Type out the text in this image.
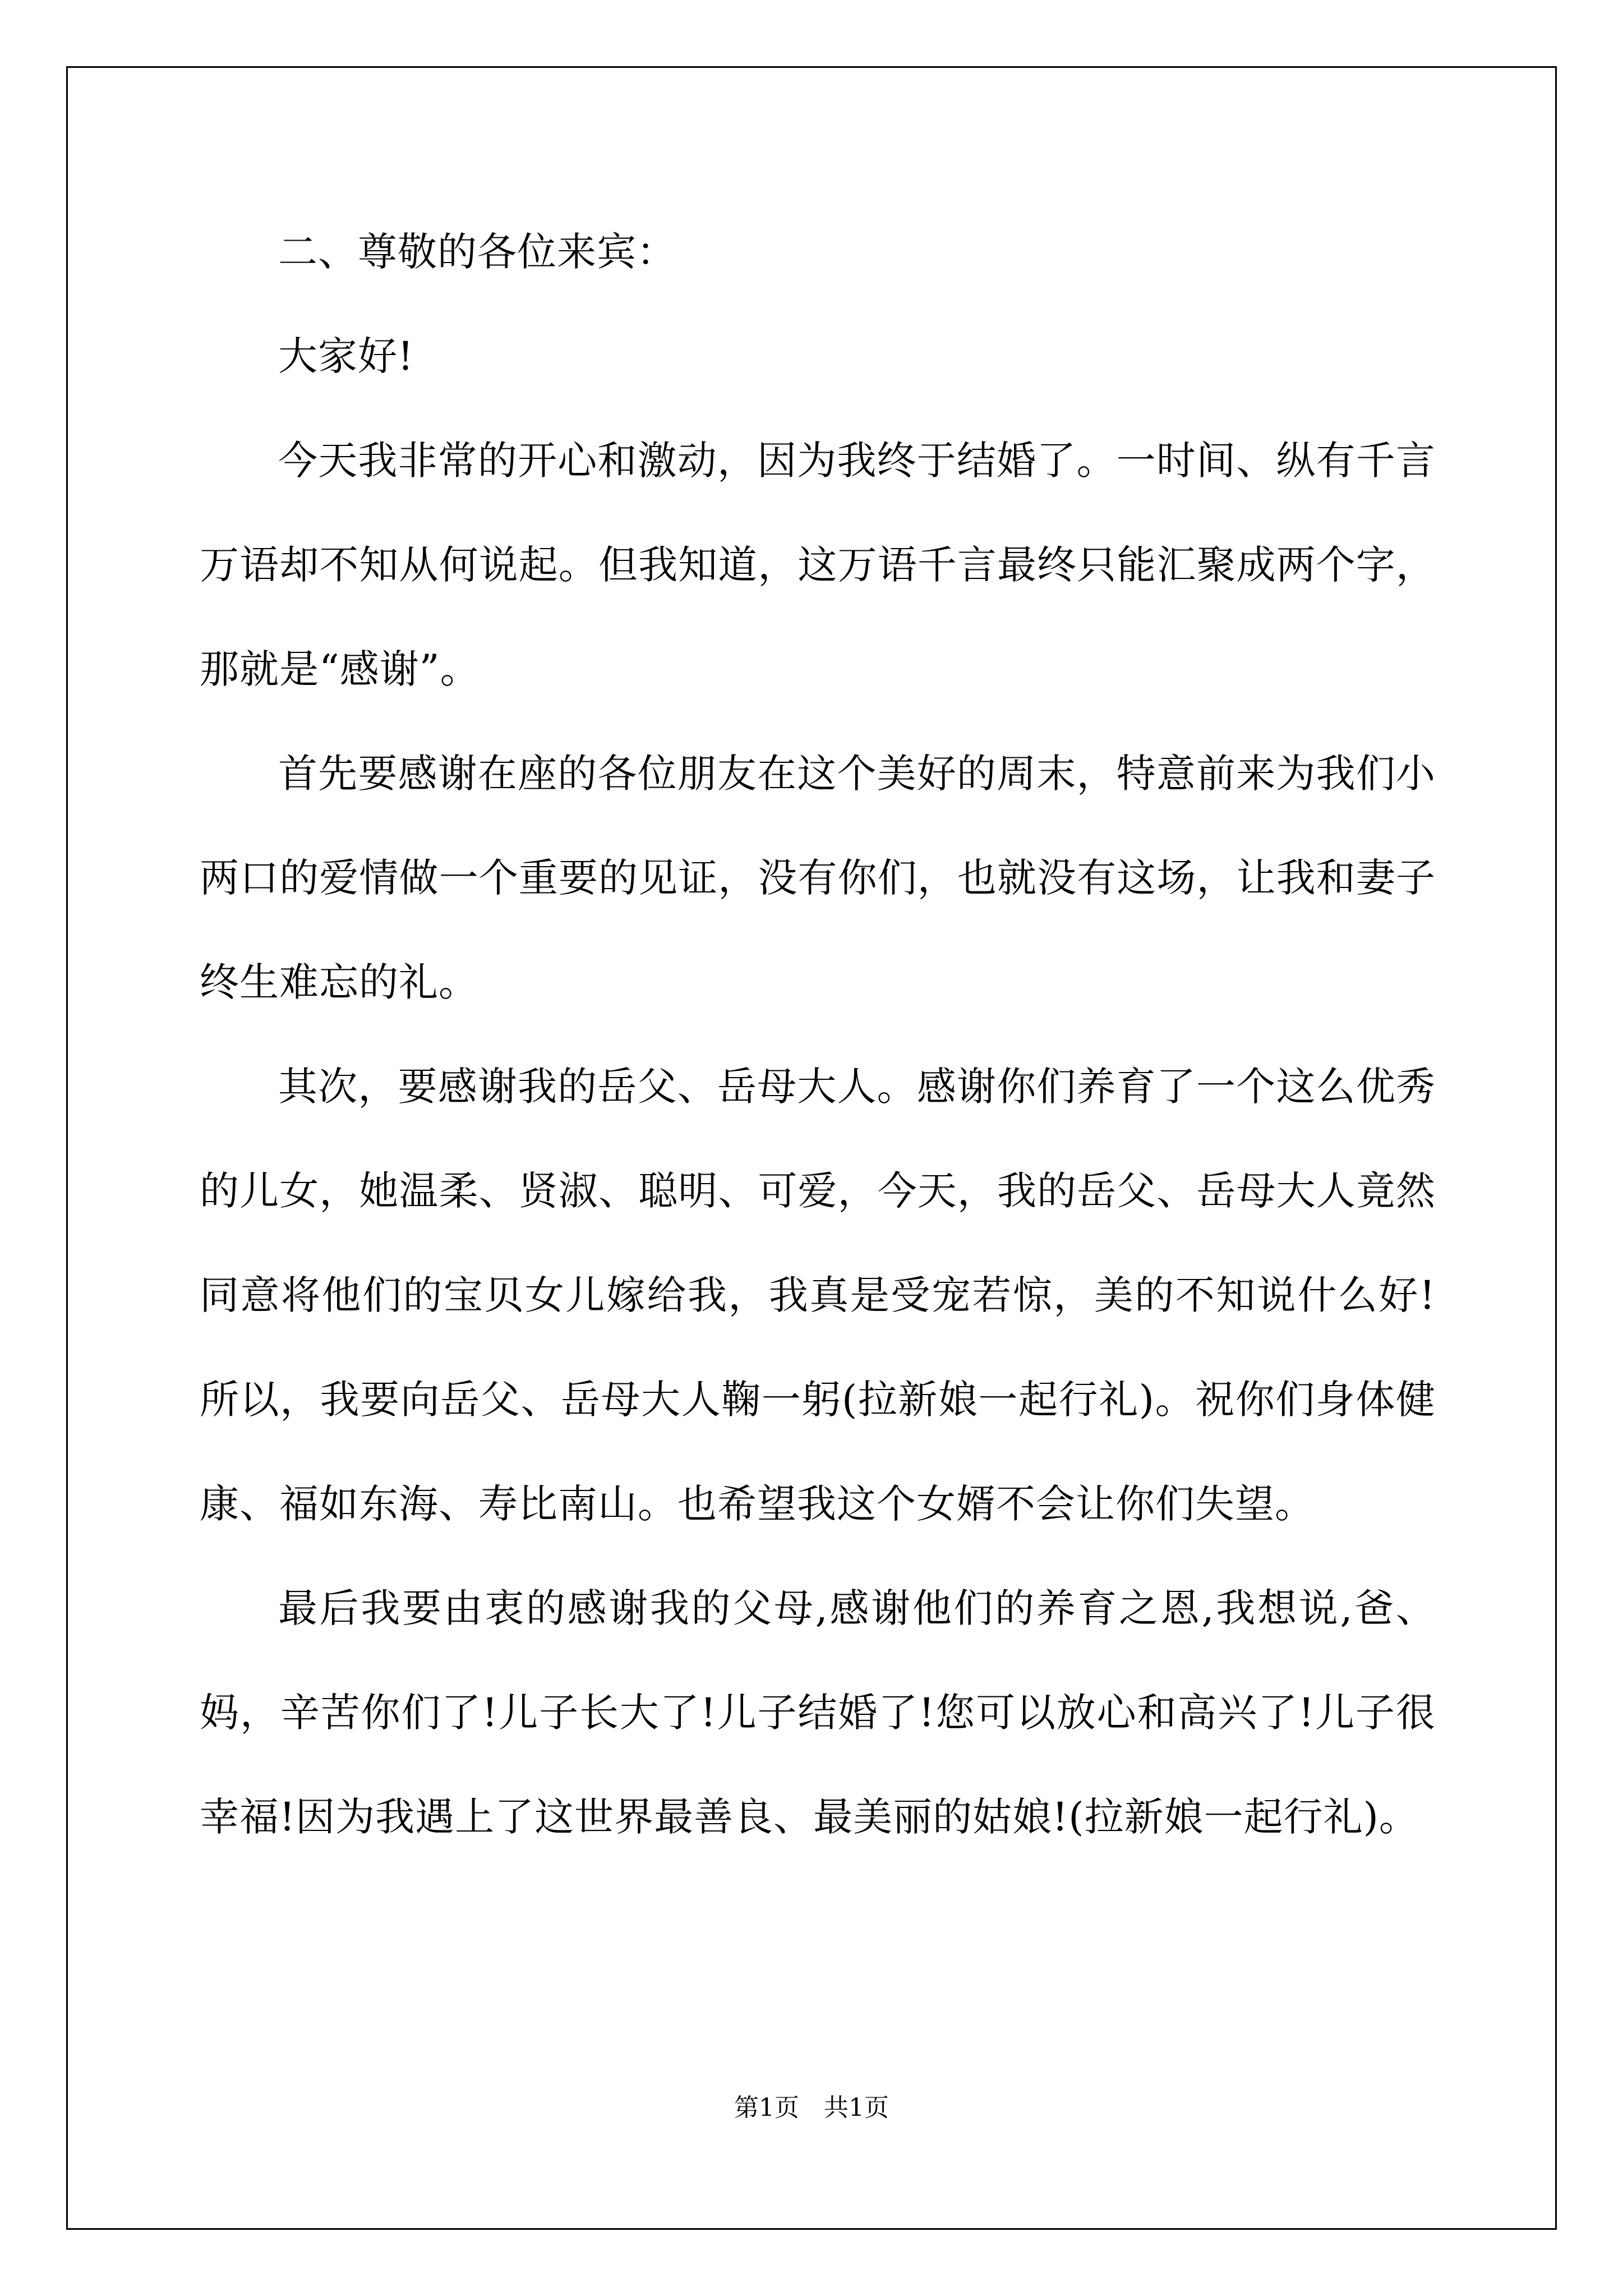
二、尊敬的各位来宾：

大家好!

今天我非常的开心和激动，因为我终于结婚了。一时间、纵有千言万语却不知从何说起。但我知道，这万语千言最终只能汇聚成两个字，那就是“感谢”。

首先要感谢在座的各位朋友在这个美好的周末，特意前来为我们小两口的爱情做一个重要的见证，没有你们，也就没有这场，让我和妻子终生难忘的礼。

其次，要感谢我的岳父、岳母大人。感谢你们养育了一个这么优秀的儿女，她温柔、贤淑、聪明、可爱，今天，我的岳父、岳母大人竟然同意将他们的宝贝女儿嫁给我，我真是受宠若惊，美的不知说什么好!所以，我要向岳父、岳母大人鞠一躬(拉新娘一起行礼)。祝你们身体健康、福如东海、寿比南山。也希望我这个女婿不会让你们失望。

最后我要由衷的感谢我的父母,感谢他们的养育之恩,我想说,爸、妈，辛苦你们了!儿子长大了!儿子结婚了!您可以放心和高兴了!儿子很幸福!因为我遇上了这世界最善良、最美丽的姑娘!(拉新娘一起行礼)。

第1页　共1页
